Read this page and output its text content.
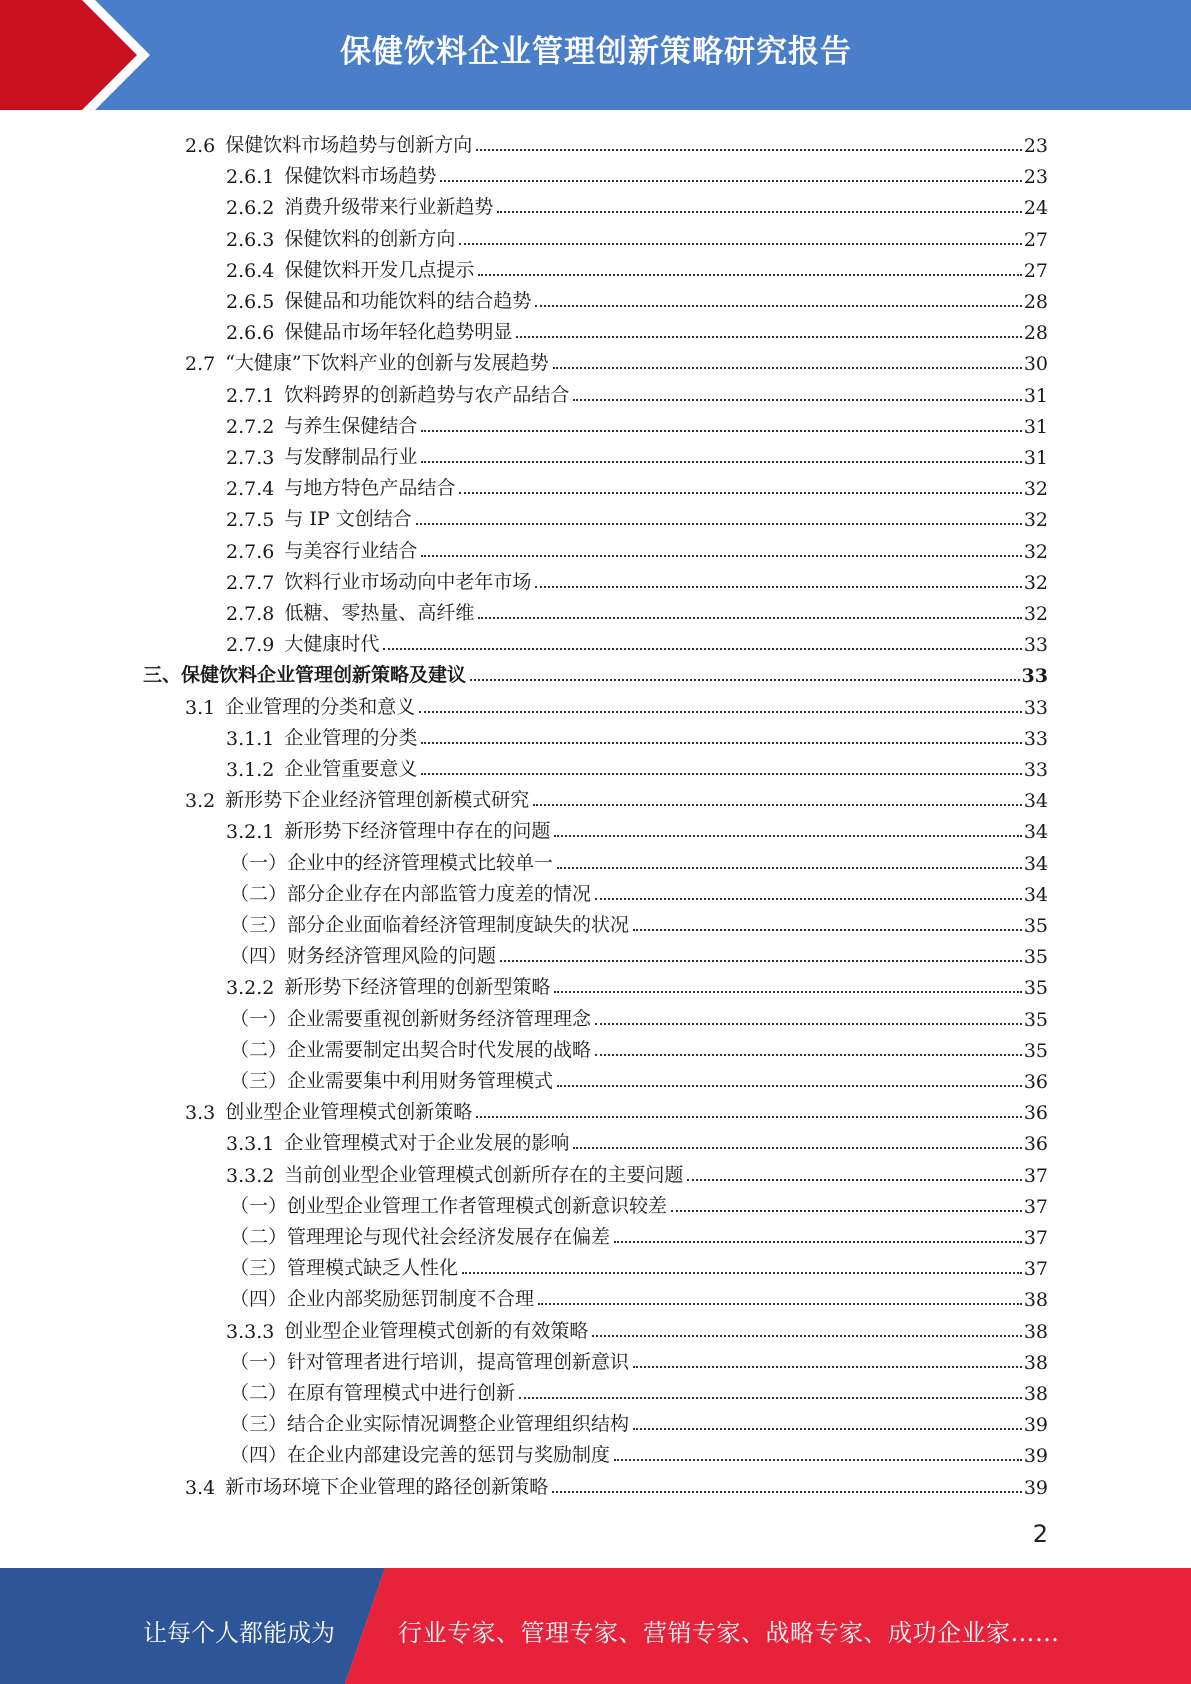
保健饮料企业管理创新策略研究报告
2.6 保健饮料市场趋势与创新方向	23
2.6.1 保健饮料市场趋势	23
2.6.2 消费升级带来行业新趋势	24
2.6.3 保健饮料的创新方向	27
2.6.4 保健饮料开发几点提示	27
2.6.5 保健品和功能饮料的结合趋势	28
2.6.6 保健品市场年轻化趋势明显	28
2.7 “大健康”下饮料产业的创新与发展趋势	30
2.7.1 饮料跨界的创新趋势与农产品结合	31
2.7.2 与养生保健结合	31
2.7.3 与发酵制品行业	31
2.7.4 与地方特色产品结合	32
2.7.5 与 IP 文创结合	32
2.7.6 与美容行业结合	32
2.7.7 饮料行业市场动向中老年市场	32
2.7.8 低糖、零热量、高纤维	32
2.7.9 大健康时代	33
三、 保健饮料企业管理创新策略及建议	33
3.1 企业管理的分类和意义	33
3.1.1 企业管理的分类	33
3.1.2 企业管重要意义	33
3.2 新形势下企业经济管理创新模式研究	34
3.2.1 新形势下经济管理中存在的问题	34
（一） 企业中的经济管理模式比较单一	34
（二） 部分企业存在内部监管力度差的情况	34
（三） 部分企业面临着经济管理制度缺失的状况	35
（四） 财务经济管理风险的问题	35
3.2.2 新形势下经济管理的创新型策略	35
（一） 企业需要重视创新财务经济管理理念	35
（二） 企业需要制定出契合时代发展的战略	35
（三） 企业需要集中利用财务管理模式	36
3.3 创业型企业管理模式创新策略	36
3.3.1 企业管理模式对于企业发展的影响	36
3.3.2 当前创业型企业管理模式创新所存在的主要问题	37
（一） 创业型企业管理工作者管理模式创新意识较差	37
（二） 管理理论与现代社会经济发展存在偏差	37
（三） 管理模式缺乏人性化	37
（四） 企业内部奖励惩罚制度不合理	38
3.3.3 创业型企业管理模式创新的有效策略	38
（一） 针对管理者进行培训，提高管理创新意识	38
（二） 在原有管理模式中进行创新	38
（三） 结合企业实际情况调整企业管理组织结构	39
（四） 在企业内部建设完善的惩罚与奖励制度	39
3.4 新市场环境下企业管理的路径创新策略	39
2
让每个人都能成为	行业专家、管理专家、营销专家、战略专家、成功企业家……
